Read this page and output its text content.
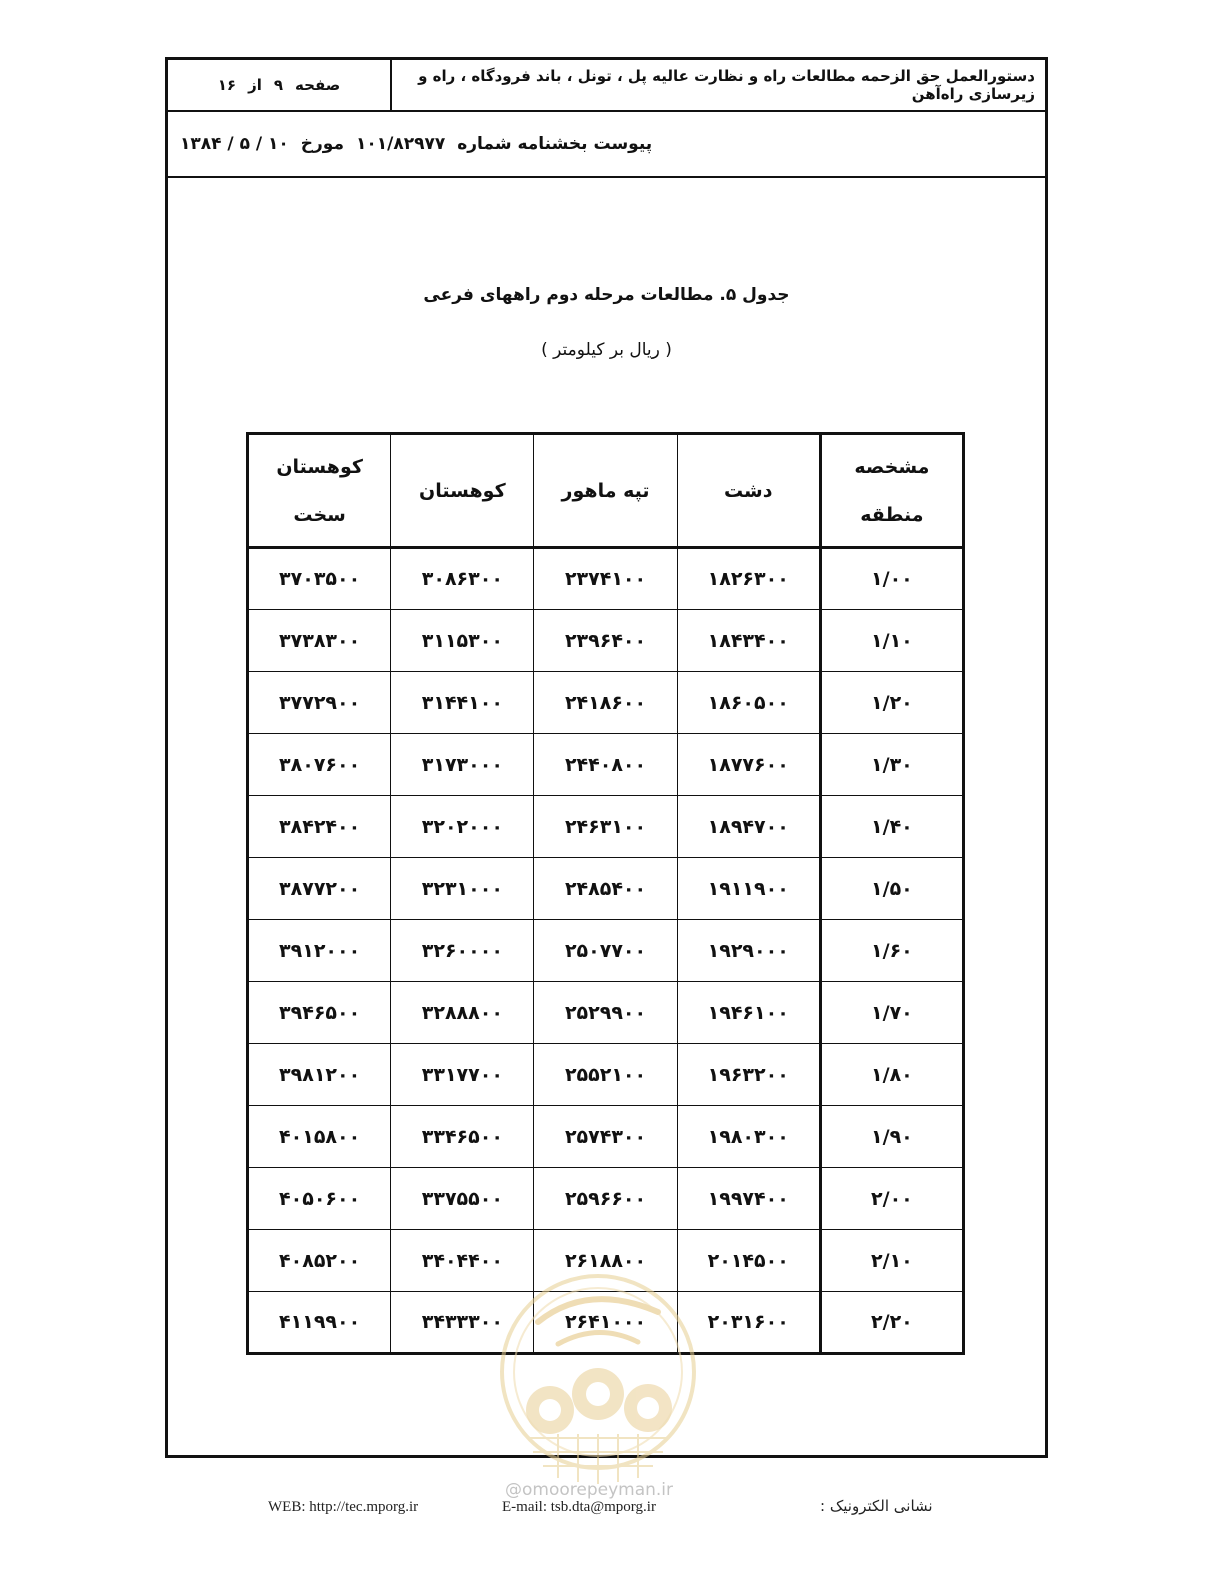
دستورالعمل حق الزحمه مطالعات راه و نظارت عالیه پل ، تونل ، باند فرودگاه ، راه و زیرسازی راه‌آهن
صفحه
۹
از
۱۶
پیوست بخشنامه شماره
۱۰۱/۸۲۹۷۷
مورخ
۱۰ / ۵ / ۱۳۸۴
جدول ۵. مطالعات مرحله دوم راههای فرعی
( ریال بر کیلومتر )
مشخصه منطقه	دشت	تپه ماهور	کوهستان	کوهستان سخت
۱/۰۰	۱۸۲۶۳۰۰	۲۳۷۴۱۰۰	۳۰۸۶۳۰۰	۳۷۰۳۵۰۰
۱/۱۰	۱۸۴۳۴۰۰	۲۳۹۶۴۰۰	۳۱۱۵۳۰۰	۳۷۳۸۳۰۰
۱/۲۰	۱۸۶۰۵۰۰	۲۴۱۸۶۰۰	۳۱۴۴۱۰۰	۳۷۷۲۹۰۰
۱/۳۰	۱۸۷۷۶۰۰	۲۴۴۰۸۰۰	۳۱۷۳۰۰۰	۳۸۰۷۶۰۰
۱/۴۰	۱۸۹۴۷۰۰	۲۴۶۳۱۰۰	۳۲۰۲۰۰۰	۳۸۴۲۴۰۰
۱/۵۰	۱۹۱۱۹۰۰	۲۴۸۵۴۰۰	۳۲۳۱۰۰۰	۳۸۷۷۲۰۰
۱/۶۰	۱۹۲۹۰۰۰	۲۵۰۷۷۰۰	۳۲۶۰۰۰۰	۳۹۱۲۰۰۰
۱/۷۰	۱۹۴۶۱۰۰	۲۵۲۹۹۰۰	۳۲۸۸۸۰۰	۳۹۴۶۵۰۰
۱/۸۰	۱۹۶۳۲۰۰	۲۵۵۲۱۰۰	۳۳۱۷۷۰۰	۳۹۸۱۲۰۰
۱/۹۰	۱۹۸۰۳۰۰	۲۵۷۴۳۰۰	۳۳۴۶۵۰۰	۴۰۱۵۸۰۰
۲/۰۰	۱۹۹۷۴۰۰	۲۵۹۶۶۰۰	۳۳۷۵۵۰۰	۴۰۵۰۶۰۰
۲/۱۰	۲۰۱۴۵۰۰	۲۶۱۸۸۰۰	۳۴۰۴۴۰۰	۴۰۸۵۲۰۰
۲/۲۰	۲۰۳۱۶۰۰	۲۶۴۱۰۰۰	۳۴۳۳۳۰۰	۴۱۱۹۹۰۰
@omoorepeyman.ir
WEB: http://tec.mporg.ir	E-mail: tsb.dta@mporg.ir	نشانی الکترونیک :
